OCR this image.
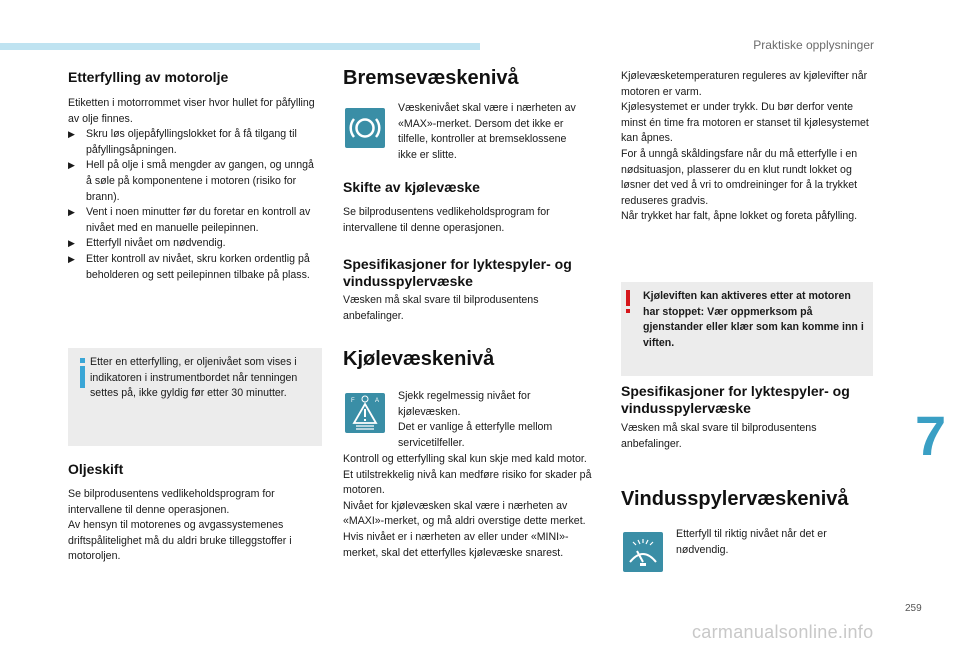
Praktiske opplysninger
Etterfylling av motorolje

Etiketten i motorrommet viser hvor hullet for påfylling av olje finnes.

▶ Skru løs oljepåfyllingslokket for å få tilgang til påfyllingsåpningen.
▶ Hell på olje i små mengder av gangen, og unngå å søle på komponentene i motoren (risiko for brann).
▶ Vent i noen minutter før du foretar en kontroll av nivået med en manuelle peilepinnen.
▶ Etterfyll nivået om nødvendig.
▶ Etter kontroll av nivået, skru korken ordentlig på beholderen og sett peilepinnen tilbake på plass.

Etter en etterfylling, er oljenivået som vises i indikatoren i instrumentbordet når tenningen settes på, ikke gyldig før etter 30 minutter.

Oljeskift

Se bilprodusentens vedlikeholdsprogram for intervallene til denne operasjonen.
Av hensyn til motorenes og avgassystemenes driftspålitelighet må du aldri bruke tilleggstoffer i motoroljen.

Bremsevæskenivå

Væskenivået skal være i nærheten av «MAX»-merket. Dersom det ikke er tilfelle, kontroller at bremseklossene ikke er slitte.

Skifte av kjølevæske

Se bilprodusentens vedlikeholdsprogram for intervallene til denne operasjonen.

Spesifikasjoner for lyktespyler- og vindusspylervæske

Væsken må skal svare til bilprodusentens anbefalinger.

Kjølevæskenivå
F	A Sjekk regelmessig nivået for kjølevæsken.
Det er vanlige å etterfylle mellom servicetilfeller.

Kontroll og etterfylling skal kun skje med kald motor.
Et utilstrekkelig nivå kan medføre risiko for skader på motoren.
Nivået for kjølevæsken skal være i nærheten av «MAXI»-merket, og må aldri overstige dette merket.
Hvis nivået er i nærheten av eller under «MINI»-merket, skal det etterfylles kjølevæske snarest.

Kjølevæsketemperaturen reguleres av kjølevifter når motoren er varm.
Kjølesystemet er under trykk. Du bør derfor vente minst én time fra motoren er stanset til kjølesystemet kan åpnes.
For å unngå skåldingsfare når du må etterfylle i en nødsituasjon, plasserer du en klut rundt lokket og løsner det ved å vri to omdreininger for å la trykket reduseres gradvis.
Når trykket har falt, åpne lokket og foreta påfylling.

Kjøleviften kan aktiveres etter at motoren har stoppet: Vær oppmerksom på gjenstander eller klær som kan komme inn i viften.

Spesifikasjoner for lyktespyler- og vindusspylervæske

Væsken må skal svare til bilprodusentens anbefalinger.

Vindusspylervæskenivå

Etterfyll til riktig nivået når det er nødvendig.

7
259
carmanualsonline.info
